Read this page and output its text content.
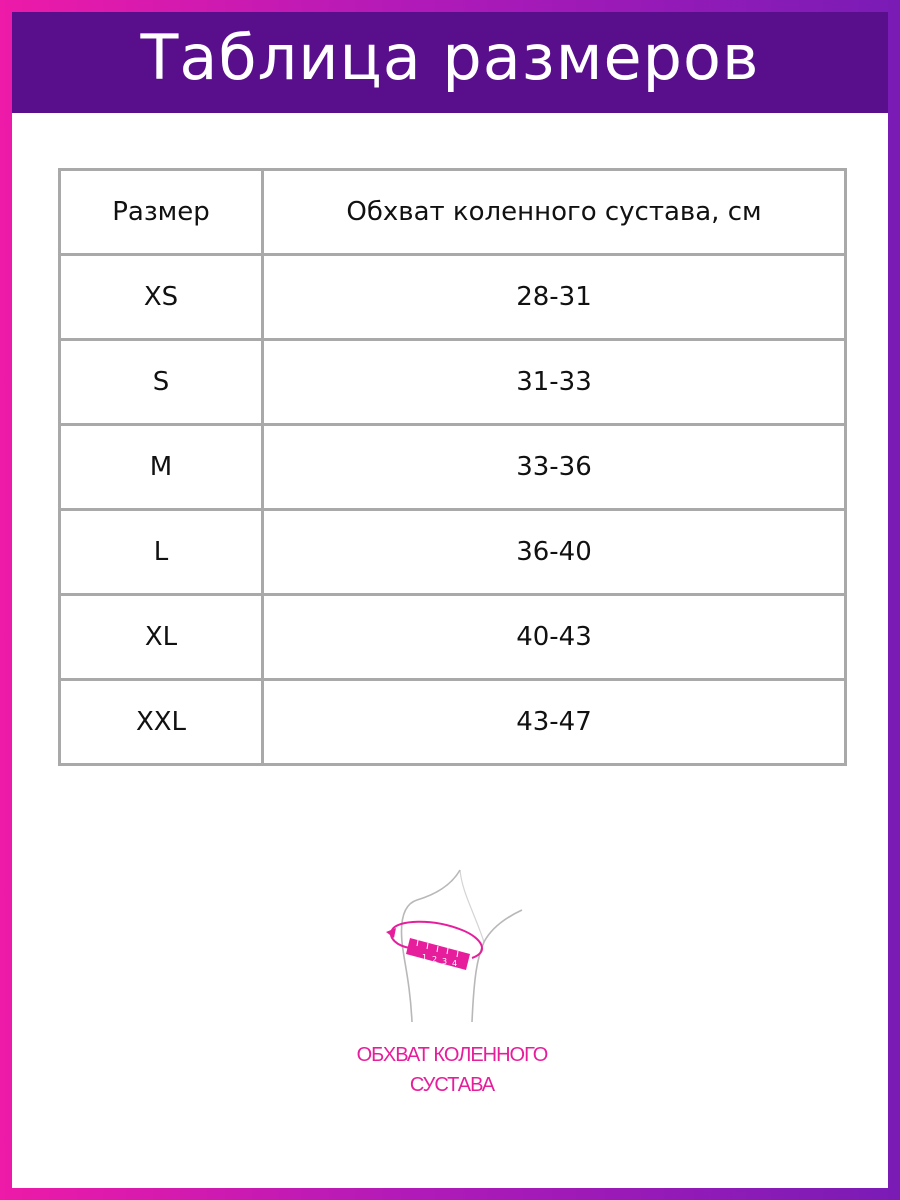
Таблица размеров
Размер	Обхват коленного сустава, см
XS	28-31
S	31-33
M	33-36
L	36-40
XL	40-43
XXL	43-47
1 2 3 4
ОБХВАТ КОЛЕННОГО
СУСТАВА
